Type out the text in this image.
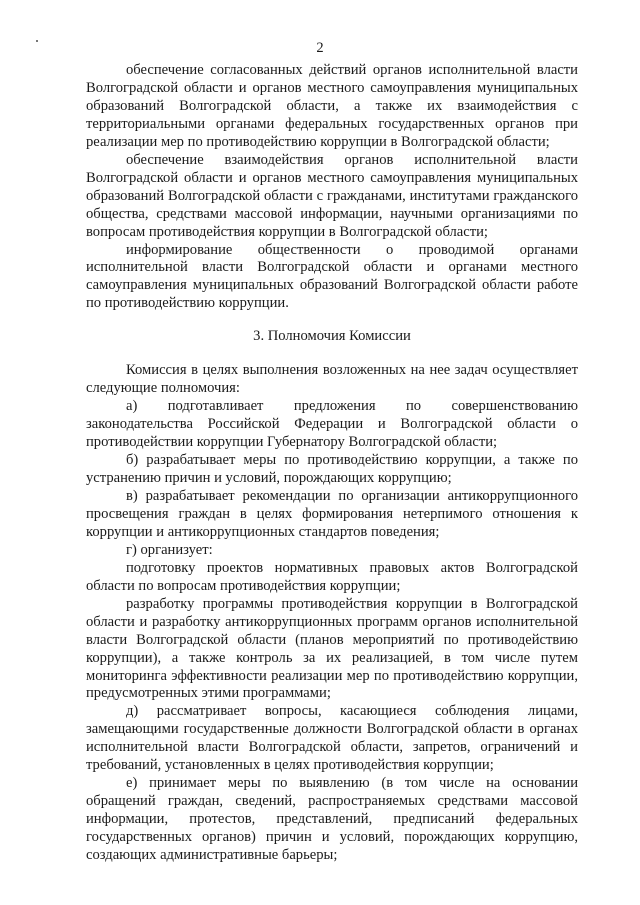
2

обеспечение согласованных действий органов исполнительной власти Волгоградской области и органов местного самоуправления муниципальных образований Волгоградской области, а также их взаимодействия с территориальными органами федеральных государственных органов при реализации мер по противодействию коррупции в Волгоградской области;

обеспечение взаимодействия органов исполнительной власти Волгоградской области и органов местного самоуправления муниципальных образований Волгоградской области с гражданами, институтами гражданского общества, средствами массовой информации, научными организациями по вопросам противодействия коррупции в Волгоградской области;

информирование общественности о проводимой органами исполнительной власти Волгоградской области и органами местного самоуправления муниципальных образований Волгоградской области работе по противодействию коррупции.

3. Полномочия Комиссии

Комиссия в целях выполнения возложенных на нее задач осуществляет следующие полномочия:

а) подготавливает предложения по совершенствованию законодательства Российской Федерации и Волгоградской области о противодействии коррупции Губернатору Волгоградской области;

б) разрабатывает меры по противодействию коррупции, а также по устранению причин и условий, порождающих коррупцию;

в) разрабатывает рекомендации по организации антикоррупционного просвещения граждан в целях формирования нетерпимого отношения к коррупции и антикоррупционных стандартов поведения;

г) организует:

подготовку проектов нормативных правовых актов Волгоградской области по вопросам противодействия коррупции;

разработку программы противодействия коррупции в Волгоградской области и разработку антикоррупционных программ органов исполнительной власти Волгоградской области (планов мероприятий по противодействию коррупции), а также контроль за их реализацией, в том числе путем мониторинга эффективности реализации мер по противодействию коррупции, предусмотренных этими программами;

д) рассматривает вопросы, касающиеся соблюдения лицами, замещающими государственные должности Волгоградской области в органах исполнительной власти Волгоградской области, запретов, ограничений и требований, установленных в целях противодействия коррупции;

е) принимает меры по выявлению (в том числе на основании обращений граждан, сведений, распространяемых средствами массовой информации, протестов, представлений, предписаний федеральных государственных органов) причин и условий, порождающих коррупцию, создающих административные барьеры;
